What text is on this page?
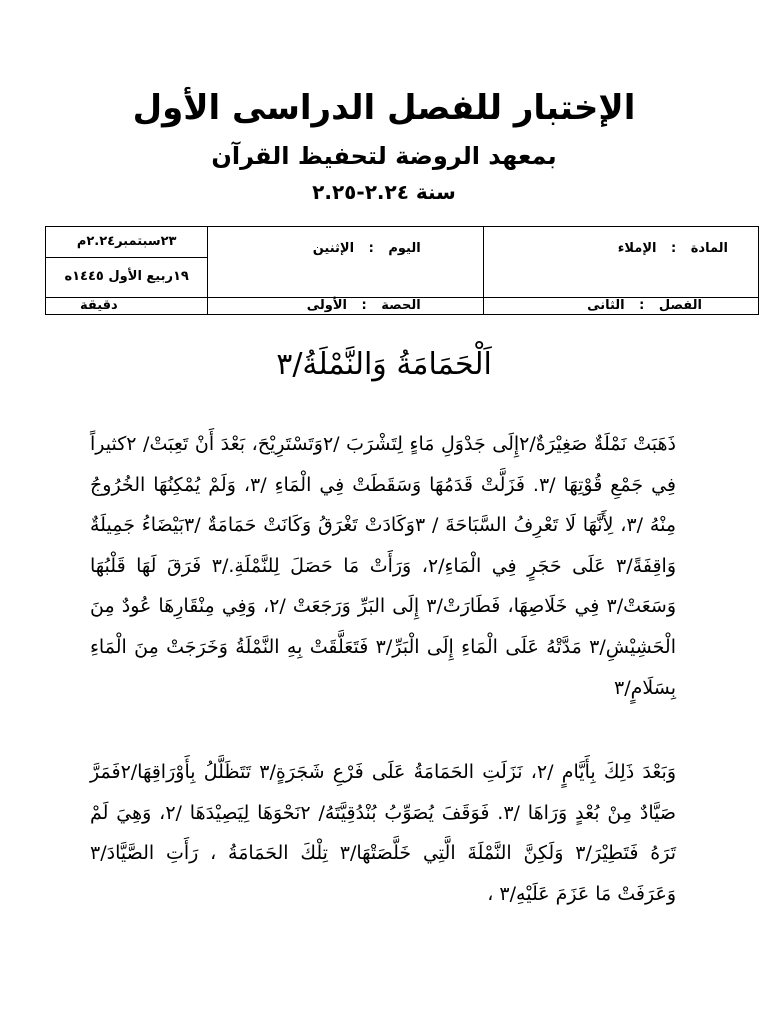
الإختبار للفصل الدراسى الأول
بمعهد الروضة لتحفيظ القرآن
سنة ٢.٢٤-٢.٢٥
المادة : الإملاء	اليوم : الإثنين	٢٣سبتمبر٢.٢٤م
		١٩ربيع الأول ١٤٤٥ه
الفصل : الثانى	الحصة : الأولى	دقيقة
اَلْحَمَامَةُ وَالنَّمْلَةُ/٣
ذَهَبَتْ نَمْلَةٌ صَغِيْرَةٌ/٢إِلَى جَدْوَلِ مَاءٍ لِتَشْرَبَ /٢وَتَسْتَرِيْحَ، بَعْدَ أَنْ تَعِبَتْ/ ٢كثيراً فِي جَمْعِ قُوْتِهَا /٣. فَزَلَّتْ قَدَمُهَا وَسَقَطَتْ فِي الْمَاءِ /٣، وَلَمْ يُمْكِنُهَا الخُرُوجُ مِنْهُ /٣، لِأَنَّهَا لَا تَعْرِفُ السَّبَاحَةَ / ٣وَكَادَتْ تَغْرَقُ وَكَانَتْ حَمَامَةٌ /٣بَيْضَاءُ جَمِيلَةٌ وَاقِفَةً/٣ عَلَى حَجَرٍ فِي الْمَاءِ/٢، وَرَأَتْ مَا حَصَلَ لِلنَّمْلَةِ./٣ فَرَقَ لَهَا قَلْبُهَا وَسَعَتْ/٣ فِي خَلَاصِهَا، فَطَارَتْ/٣ إِلَى البَرِّ وَرَجَعَتْ /٢، وَفِي مِنْقَارِهَا عُودٌ مِنَ الْحَشِيْشِ/٣ مَدَّتْهُ عَلَى الْمَاءِ إِلَى الْبَرِّ/٣ فَتَعَلَّقَتْ بِهِ النَّمْلَةُ وَخَرَجَتْ مِنَ الْمَاءِ بِسَلَامٍ/٣
وَبَعْدَ ذَلِكَ بِأَيَّامٍ /٢، نَزَلَتِ الحَمَامَةُ عَلَى فَرْعِ شَجَرَةٍ/٣ تَتَظَلَّلُ بِأَوْرَاقِهَا/٢فَمَرَّ صَيَّادٌ مِنْ بُعْدٍ وَرَاهَا /٣. فَوَقَفَ يُصَوِّبُ بُنْدُقِيَّتَهُ/ ٢نَحْوَهَا لِيَصِيْدَهَا /٢، وَهِيَ لَمْ تَرَهُ فَتَطِيْرَ/٣ وَلَكِنَّ النَّمْلَةَ الَّتِي خَلَّصَتْهَا/٣ تِلْكَ الحَمَامَةُ ، رَأَتِ الصَّيَّادَ/٣ وَعَرَفَتْ مَا عَزَمَ عَلَيْهِ/٣ ،
